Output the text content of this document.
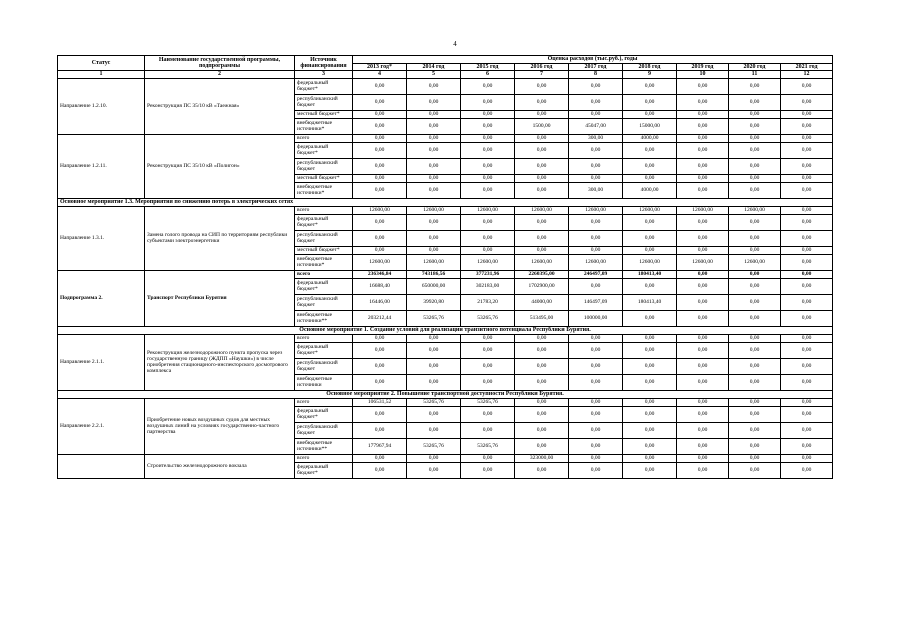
4
Статус	Наименование государственной программы, подпрограммы	Источник финансирования	Оценка расходов (тыс.руб.), годы								
			2013 год*	2014 год	2015 год	2016 год	2017 год	2018 год	2019 год	2020 год	2021 год
1	2	3	4	5	6	7	8	9	10	11	12
Направление 1.2.10.	Реконструкция ПС 35/10 кВ «Таежная»	федеральный бюджет*	0,00	0,00	0,00	0,00	0,00	0,00	0,00	0,00	0,00
		республиканский бюджет	0,00	0,00	0,00	0,00	0,00	0,00	0,00	0,00	0,00
		местный бюджет*	0,00	0,00	0,00	0,00	0,00	0,00	0,00	0,00	0,00
		внебюджетные источники*	0,00	0,00	0,00	1500,00	45047,00	15000,00	0,00	0,00	0,00
Направление 1.2.11.	Реконструкция ПС 35/10 кВ «Полигон»	всего	0,00	0,00	0,00	0,00	300,00	4000,00	0,00	0,00	0,00
		федеральный бюджет*	0,00	0,00	0,00	0,00	0,00	0,00	0,00	0,00	0,00
		республиканский бюджет	0,00	0,00	0,00	0,00	0,00	0,00	0,00	0,00	0,00
		местный бюджет*	0,00	0,00	0,00	0,00	0,00	0,00	0,00	0,00	0,00
		внебюджетные источники*	0,00	0,00	0,00	0,00	300,00	4000,00	0,00	0,00	0,00
Основное мероприятие 1.3. Мероприятия по снижению потерь в электрических сетях											
Направление 1.3.1.	Замена голого провода на СИП по территориям республики субъектами электроэнергетики	всего	12600,00	12600,00	12600,00	12600,00	12600,00	12600,00	12600,00	12600,00	0,00
		федеральный бюджет*	0,00	0,00	0,00	0,00	0,00	0,00	0,00	0,00	0,00
		республиканский бюджет	0,00	0,00	0,00	0,00	0,00	0,00	0,00	0,00	0,00
		местный бюджет*	0,00	0,00	0,00	0,00	0,00	0,00	0,00	0,00	0,00
		внебюджетные источники*	12600,00	12600,00	12600,00	12600,00	12600,00	12600,00	12600,00	12600,00	0,00
Подпрограмма 2.	Транспорт Республики Бурятия	всего	236346,84	743186,56	377231,96	2260395,00	246497,09	180413,40	0,00	0,00	0,00
		федеральный бюджет*	16688,40	650000,00	302183,00	1702900,00	0,00	0,00	0,00	0,00	0,00
		республиканский бюджет	16446,00	39920,80	21783,20	44000,00	146497,09	180413,40	0,00	0,00	0,00
		внебюджетные источники**	203212,44	53265,76	53265,76	513495,00	100000,00	0,00	0,00	0,00	0,00
Основное мероприятие 1. Создание условий для реализации транзитного потенциала Республики Бурятия.											
Направление 2.1.1.	Реконструкция железнодорожного пункта пропуска через государственную границу (ЖДПП «Наушки») в числе приобретения стационарного-инспекторского досмотрового комплекса	всего	0,00	0,00	0,00	0,00	0,00	0,00	0,00	0,00	0,00
		федеральный бюджет*	0,00	0,00	0,00	0,00	0,00	0,00	0,00	0,00	0,00
		республиканский бюджет	0,00	0,00	0,00	0,00	0,00	0,00	0,00	0,00	0,00
		внебюджетные источники	0,00	0,00	0,00	0,00	0,00	0,00	0,00	0,00	0,00
Основное мероприятие 2. Повышение транспортной доступности Республики Бурятия.											
Направление 2.2.1.	Приобретение новых воздушных судов для местных воздушных линий на условиях государственно-частного партнерства	всего	106531,52	53265,76	53265,76	0,00	0,00	0,00	0,00	0,00	0,00
		федеральный бюджет*	0,00	0,00	0,00	0,00	0,00	0,00	0,00	0,00	0,00
		республиканский бюджет	0,00	0,00	0,00	0,00	0,00	0,00	0,00	0,00	0,00
		внебюджетные источники**	177967,94	53265,76	53265,76	0,00	0,00	0,00	0,00	0,00	0,00
	Строительство железнодорожного вокзала	всего	0,00	0,00	0,00	323000,00	0,00	0,00	0,00	0,00	0,00
		федеральный бюджет*	0,00	0,00	0,00	0,00	0,00	0,00	0,00	0,00	0,00
